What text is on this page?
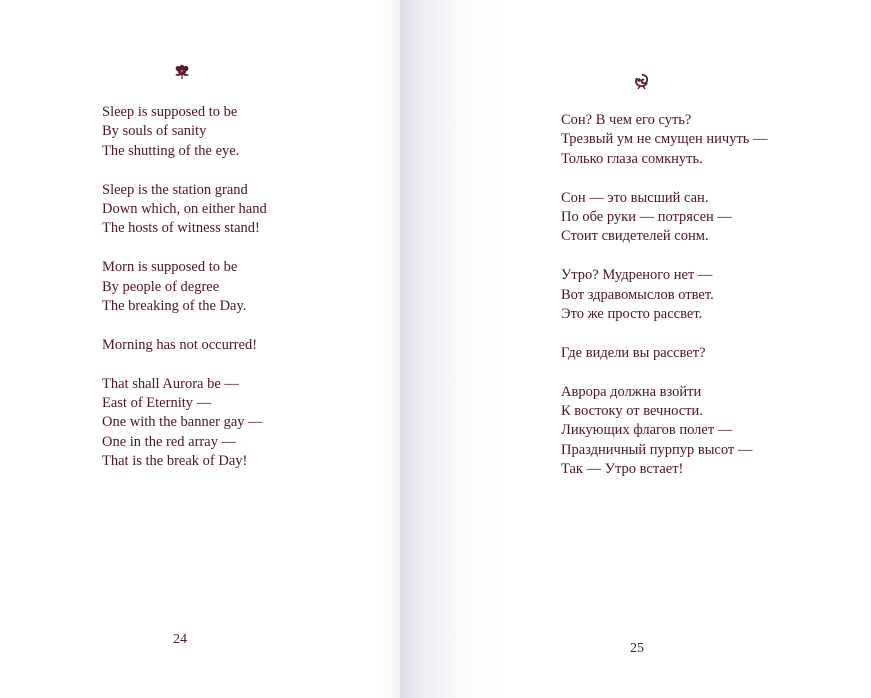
Sleep is supposed to be
By souls of sanity
The shutting of the eye.
Sleep is the station grand
Down which, on either hand
The hosts of witness stand!
Morn is supposed to be
By people of degree
The breaking of the Day.
Morning has not occurred!
That shall Aurora be —
East of Eternity —
One with the banner gay —
One in the red array —
That is the break of Day!
24
Сон? В чем его суть?
Трезвый ум не смущен ничуть —
Только глаза сомкнуть.
Сон — это высший сан.
По обе руки — потрясен —
Стоит свидетелей сонм.
Утро? Мудреного нет —
Вот здравомыслов ответ.
Это же просто рассвет.
Где видели вы рассвет?
Аврора должна взойти
К востоку от вечности.
Ликующих флагов полет —
Праздничный пурпур высот —
Так — Утро встает!
25
